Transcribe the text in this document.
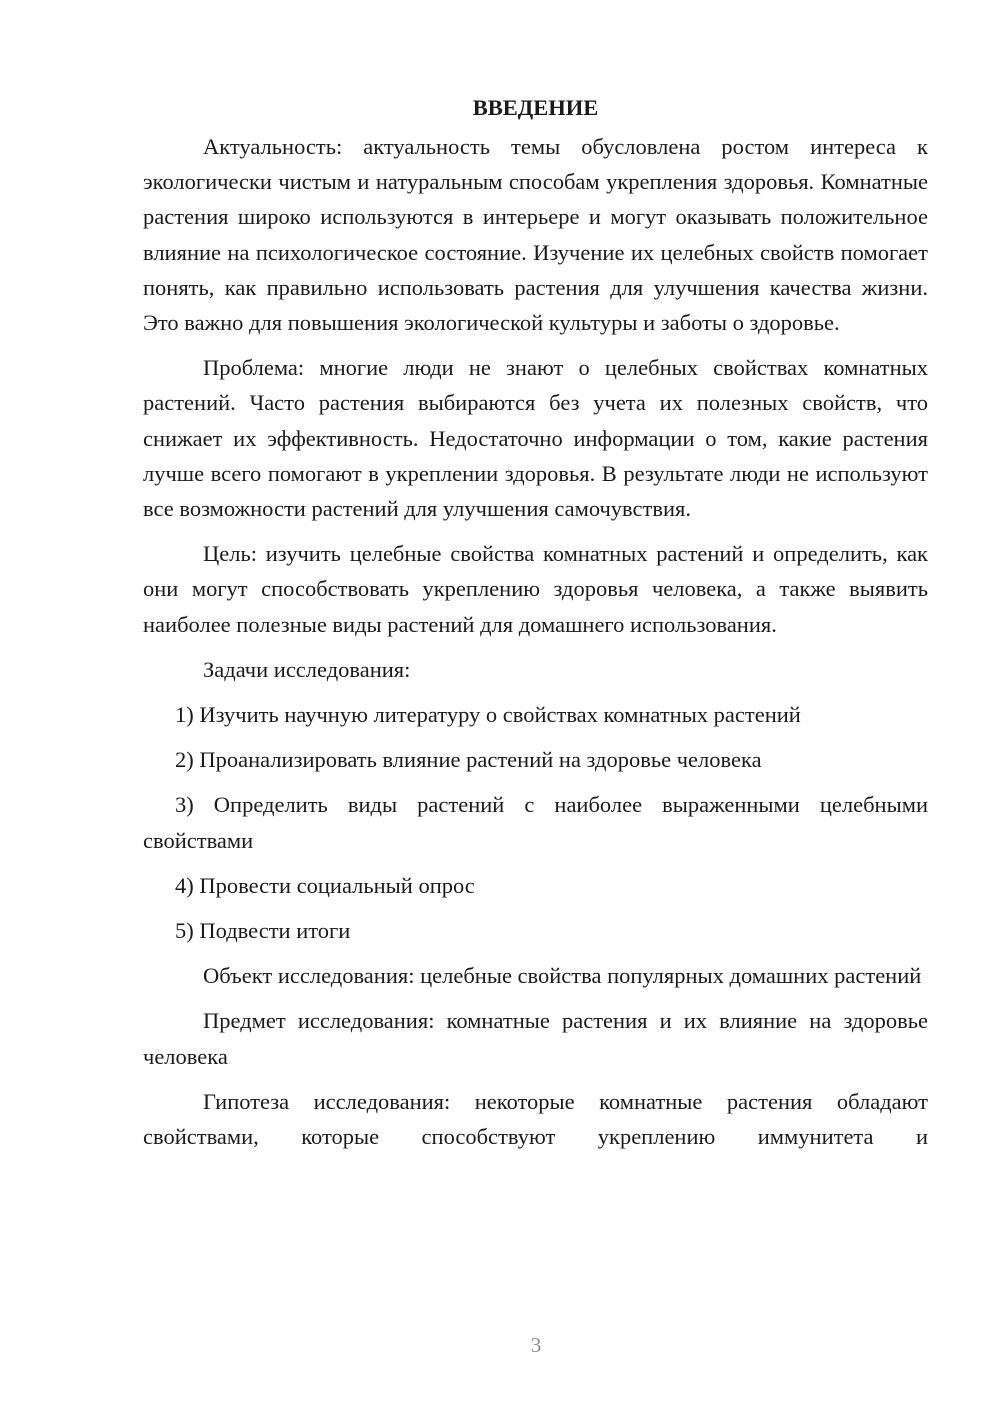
ВВЕДЕНИЕ

Актуальность: актуальность темы обусловлена ростом интереса к экологически чистым и натуральным способам укрепления здоровья. Комнатные растения широко используются в интерьере и могут оказывать положительное влияние на психологическое состояние. Изучение их целебных свойств помогает понять, как правильно использовать растения для улучшения качества жизни. Это важно для повышения экологической культуры и заботы о здоровье.

Проблема: многие люди не знают о целебных свойствах комнатных растений. Часто растения выбираются без учета их полезных свойств, что снижает их эффективность. Недостаточно информации о том, какие растения лучше всего помогают в укреплении здоровья. В результате люди не используют все возможности растений для улучшения самочувствия.

Цель: изучить целебные свойства комнатных растений и определить, как они могут способствовать укреплению здоровья человека, а также выявить наиболее полезные виды растений для домашнего использования.

Задачи исследования:

1) Изучить научную литературу о свойствах комнатных растений

2) Проанализировать влияние растений на здоровье человека

3) Определить виды растений с наиболее выраженными целебными свойствами

4) Провести социальный опрос

5) Подвести итоги

Объект исследования: целебные свойства популярных домашних растений

Предмет исследования: комнатные растения и их влияние на здоровье человека

Гипотеза исследования: некоторые комнатные растения обладают свойствами, которые способствуют укреплению иммунитета и

3
